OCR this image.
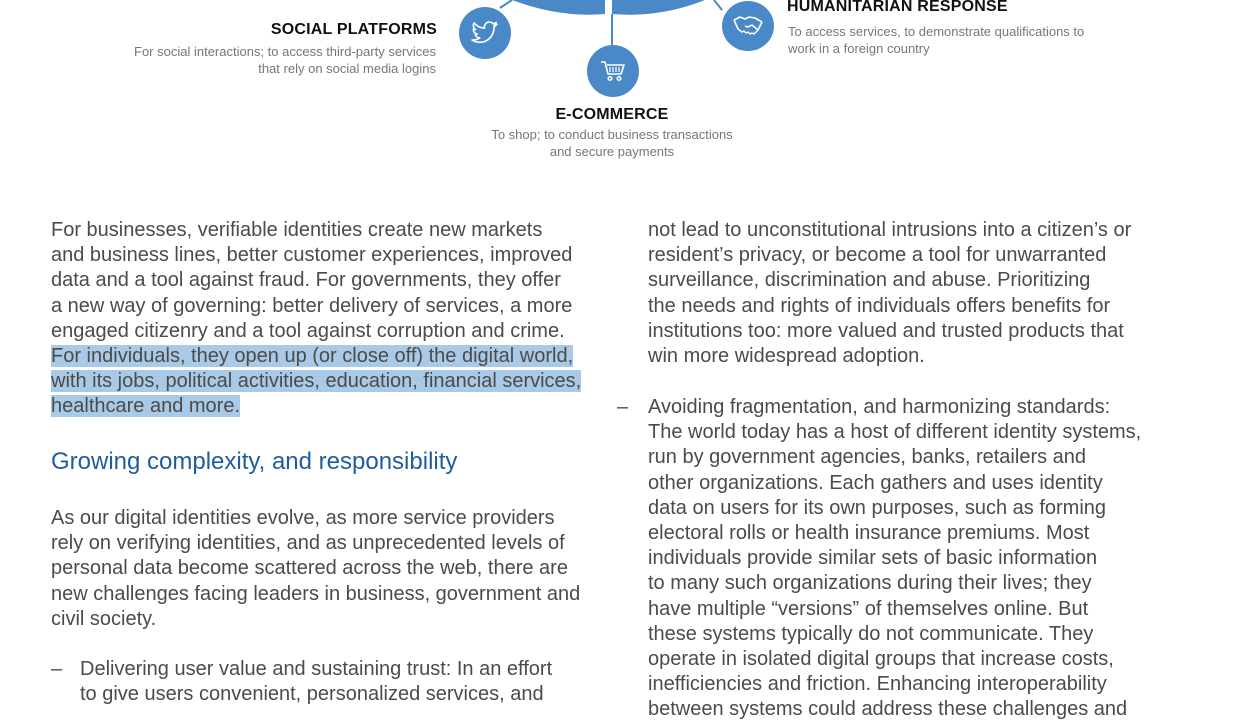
SOCIAL PLATFORMS
For social interactions; to access third-party services
that rely on social media logins
E-COMMERCE
To shop; to conduct business transactions
and secure payments
HUMANITARIAN RESPONSE
To access services, to demonstrate qualifications to
work in a foreign country
For businesses, verifiable identities create new markets
and business lines, better customer experiences, improved
data and a tool against fraud. For governments, they offer
a new way of governing: better delivery of services, a more
engaged citizenry and a tool against corruption and crime.
For individuals, they open up (or close off) the digital world,
with its jobs, political activities, education, financial services,
healthcare and more.
Growing complexity, and responsibility
As our digital identities evolve, as more service providers
rely on verifying identities, and as unprecedented levels of
personal data become scattered across the web, there are
new challenges facing leaders in business, government and
civil society.
– Delivering user value and sustaining trust: In an effort
to give users convenient, personalized services, and
not lead to unconstitutional intrusions into a citizen’s or
resident’s privacy, or become a tool for unwarranted
surveillance, discrimination and abuse. Prioritizing
the needs and rights of individuals offers benefits for
institutions too: more valued and trusted products that
win more widespread adoption.
– Avoiding fragmentation, and harmonizing standards:
The world today has a host of different identity systems,
run by government agencies, banks, retailers and
other organizations. Each gathers and uses identity
data on users for its own purposes, such as forming
electoral rolls or health insurance premiums. Most
individuals provide similar sets of basic information
to many such organizations during their lives; they
have multiple “versions” of themselves online. But
these systems typically do not communicate. They
operate in isolated digital groups that increase costs,
inefficiencies and friction. Enhancing interoperability
between systems could address these challenges and
